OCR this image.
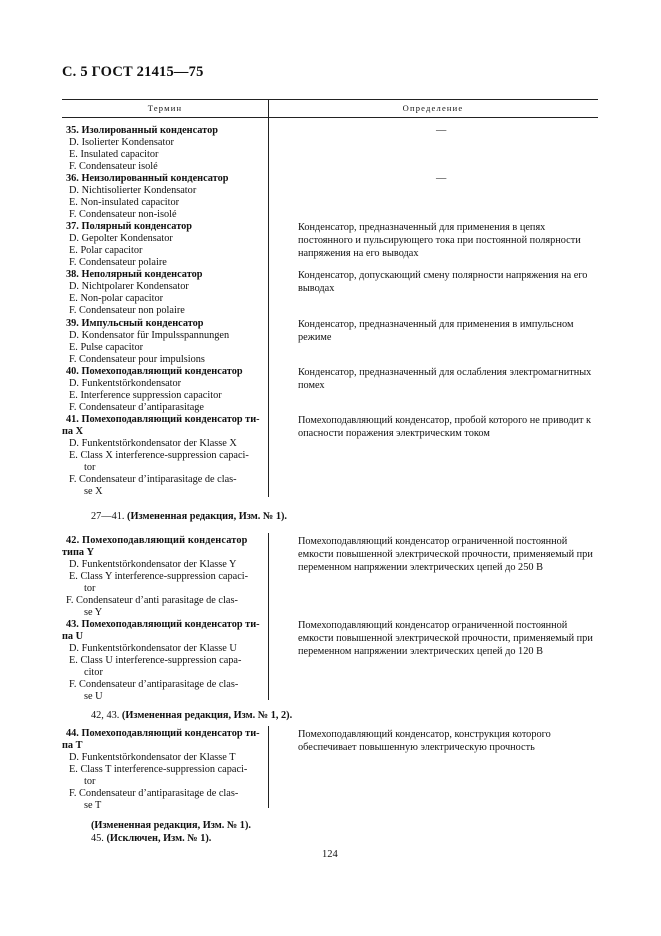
С. 5 ГОСТ 21415—75
Термин	Определение
35. Изолированный конденсатор
D. Isolierter Kondensator
E. Insulated capacitor
F. Condensateur isolé
—
36. Неизолированный конденсатор
D. Nichtisolierter Kondensator
E. Non-insulated capacitor
F. Condensateur non-isolé
—
37. Полярный конденсатор
D. Gepolter Kondensator
E. Polar capacitor
F. Condensateur polaire
Конденсатор, предназначенный для применения в цепях постоянного и пульсирующего тока при постоянной полярности напряжения на его выводах
38. Неполярный конденсатор
D. Nichtpolarer Kondensator
E. Non-polar capacitor
F. Condensateur non polaire
Конденсатор, допускающий смену полярности напряжения на его выводах
39. Импульсный конденсатор
D. Kondensator für Impulsspannungen
E. Pulse capacitor
F. Condensateur pour impulsions
Конденсатор, предназначенный для применения в импульсном режиме
40. Помехоподавляющий конденсатор
D. Funkentstörkondensator
E. Interference suppression capacitor
F. Condensateur d’antiparasitage
Конденсатор, предназначенный для ослабления электромагнитных помех
41. Помехоподавляющий конденсатор ти-
па X
D. Funkentstörkondensator der Klasse X
E. Class X interference-suppression capaci-
tor
F. Condensateur d’intiparasitage de clas-
se X
Помехоподавляющий конденсатор, пробой которого не приводит к опасности поражения электрическим током
27—41. (Измененная редакция, Изм. № 1).
42. Помехоподавляющий конденсатор
типа Y
D. Funkentstörkondensator der Klasse Y
E. Class Y interference-suppression capaci-
tor
F. Condensateur d’anti parasitage de clas-
se Y
Помехоподавляющий конденсатор ограниченной постоянной емкости повышенной электрической прочности, применяемый при переменном напряжении электрических цепей до 250 В
43. Помехоподавляющий конденсатор ти-
па U
D. Funkentstörkondensator der Klasse U
E. Class U interference-suppression capa-
citor
F. Condensateur d’antiparasitage de clas-
se U
Помехоподавляющий конденсатор ограниченной постоянной емкости повышенной электрической прочности, применяемый при переменном напряжении электрических цепей до 120 В
42, 43. (Измененная редакция, Изм. № 1, 2).
44. Помехоподавляющий конденсатор ти-
па T
D. Funkentstörkondensator der Klasse T
E. Class T interference-suppression capaci-
tor
F. Condensateur d’antiparasitage de clas-
se T
Помехоподавляющий конденсатор, конструкция которого обеспечивает повышенную электрическую прочность
(Измененная редакция, Изм. № 1).
45. (Исключен, Изм. № 1).
124
